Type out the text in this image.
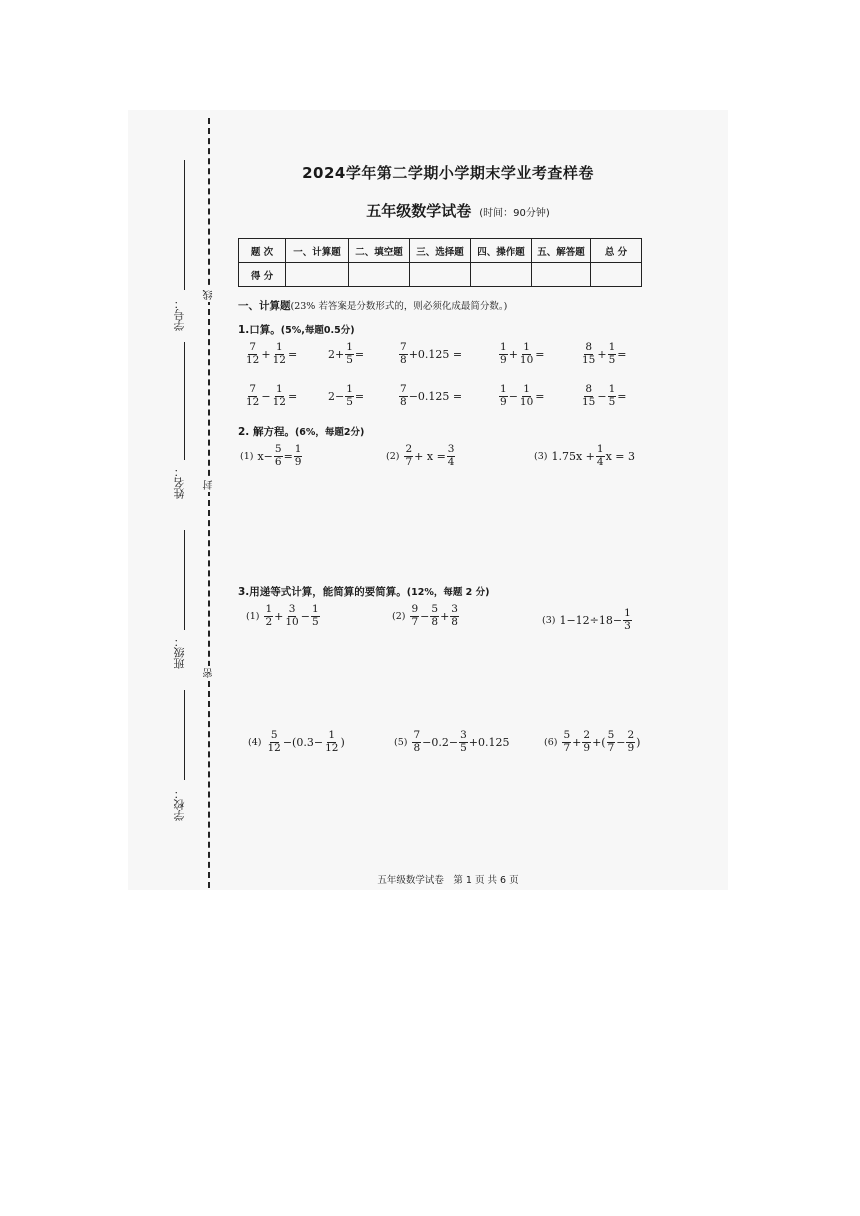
学号：
姓名：
班级：
学校：
线
封
密
2024学年第二学期小学期末学业考查样卷
五年级数学试卷 (时间：90分钟)
题 次	一、计算题	二、填空题	三、选择题	四、操作题	五、解答题	总 分
得 分						
一、计算题(23% 若答案是分数形式的，则必须化成最简分数。)
1.口算。(5%,每题0.5分)
2. 解方程。(6%，每题2分)
3.用递等式计算，能简算的要简算。(12%，每题 2 分)
五年级数学试卷　第 1 页 共 6 页
$\frac{7}{12} + \frac{1}{12}$ =	$2 + \frac{1}{5}$ =	$\frac{7}{8} +0.125$ =	$\frac{1}{9} + \frac{1}{10}$ =	$\frac{8}{15} + \frac{1}{5}$ =
$\frac{7}{12} - \frac{1}{12}$ =	$2 - \frac{1}{5}$ =	$\frac{7}{8} -0.125$ =	$\frac{1}{9} - \frac{1}{10}$ =	$\frac{8}{15} - \frac{1}{5}$ =
(1) $x- \frac{5}{6} = \frac{1}{9}$	$(2) \frac{2}{7} + x = \frac{3}{4}$	(3) $1.75x + \frac{1}{4}$ x = 3
$(1) \frac{1}{2} + \frac{3}{10} - \frac{1}{5}$	$(2) \frac{9}{7} - \frac{5}{8} + \frac{3}{8}$	(3) $1-12\div 18- \frac{1}{3}$
$(4) \frac{5}{12} -(0.3- \frac{1}{12}$ )	$(5) \frac{7}{8} -0.2- \frac{3}{5} +0.125$	$(6) \frac{5}{7} + \frac{2}{9}$ +( $\frac{5}{7} - \frac{2}{9}$ )
